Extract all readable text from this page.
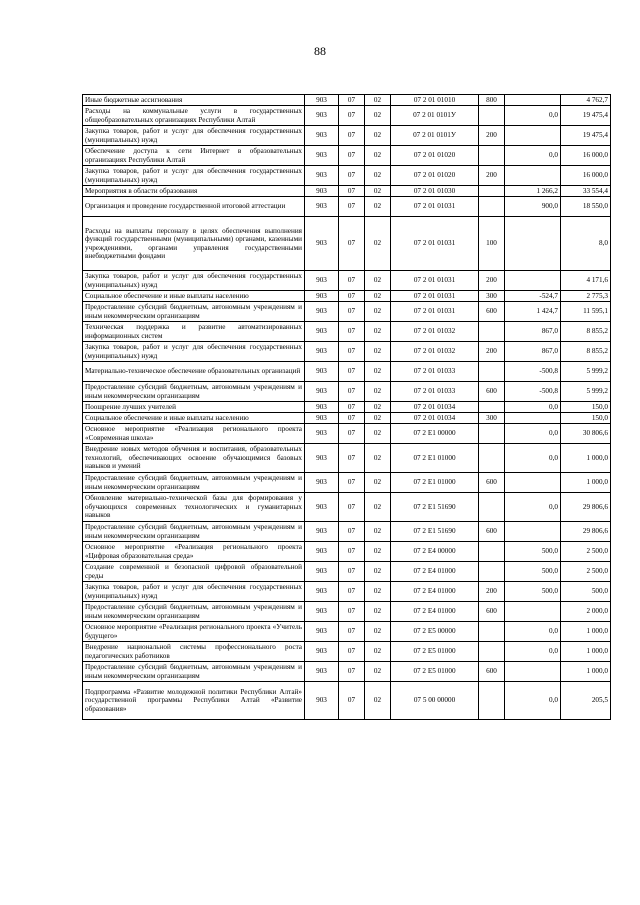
88
Иные бюджетные ассигнования	903	07	02	07 2 01 01010	800		4 762,7
Расходы на коммунальные услуги в государственных общеобразовательных организациях Республики Алтай	903	07	02	07 2 01 0101У		0,0	19 475,4
Закупка товаров, работ и услуг для обеспечения государственных (муниципальных) нужд	903	07	02	07 2 01 0101У	200		19 475,4
Обеспечение доступа к сети Интернет в образовательных организациях Республики Алтай	903	07	02	07 2 01 01020		0,0	16 000,0
Закупка товаров, работ и услуг для обеспечения государственных (муниципальных) нужд	903	07	02	07 2 01 01020	200		16 000,0
Мероприятия в области образования	903	07	02	07 2 01 01030		1 266,2	33 554,4
Организация и проведение государственной итоговой аттестации	903	07	02	07 2 01 01031		900,0	18 550,0
Расходы на выплаты персоналу в целях обеспечения выполнения функций государственными (муниципальными) органами, казенными учреждениями, органами управления государственными внебюджетными фондами	903	07	02	07 2 01 01031	100		8,0
Закупка товаров, работ и услуг для обеспечения государственных (муниципальных) нужд	903	07	02	07 2 01 01031	200		4 171,6
Социальное обеспечение и иные выплаты населению	903	07	02	07 2 01 01031	300	-524,7	2 775,3
Предоставление субсидий бюджетным, автономным учреждениям и иным некоммерческим организациям	903	07	02	07 2 01 01031	600	1 424,7	11 595,1
Техническая поддержка и развитие автоматизированных информационных систем	903	07	02	07 2 01 01032		867,0	8 855,2
Закупка товаров, работ и услуг для обеспечения государственных (муниципальных) нужд	903	07	02	07 2 01 01032	200	867,0	8 855,2
Материально-техническое обеспечение образовательных организаций	903	07	02	07 2 01 01033		-500,8	5 999,2
Предоставление субсидий бюджетным, автономным учреждениям и иным некоммерческим организациям	903	07	02	07 2 01 01033	600	-500,8	5 999,2
Поощрение лучших учителей	903	07	02	07 2 01 01034		0,0	150,0
Социальное обеспечение и иные выплаты населению	903	07	02	07 2 01 01034	300		150,0
Основное мероприятие «Реализация регионального проекта «Современная школа»	903	07	02	07 2 E1 00000		0,0	30 806,6
Внедрение новых методов обучения и воспитания, образовательных технологий, обеспечивающих освоение обучающимися базовых навыков и умений	903	07	02	07 2 E1 01000		0,0	1 000,0
Предоставление субсидий бюджетным, автономным учреждениям и иным некоммерческим организациям	903	07	02	07 2 E1 01000	600		1 000,0
Обновление материально-технической базы для формирования у обучающихся современных технологических и гуманитарных навыков	903	07	02	07 2 E1 51690		0,0	29 806,6
Предоставление субсидий бюджетным, автономным учреждениям и иным некоммерческим организациям	903	07	02	07 2 E1 51690	600		29 806,6
Основное мероприятие «Реализация регионального проекта «Цифровая образовательная среда»	903	07	02	07 2 E4 00000		500,0	2 500,0
Создание современной и безопасной цифровой образовательной среды	903	07	02	07 2 E4 01000		500,0	2 500,0
Закупка товаров, работ и услуг для обеспечения государственных (муниципальных) нужд	903	07	02	07 2 E4 01000	200	500,0	500,0
Предоставление субсидий бюджетным, автономным учреждениям и иным некоммерческим организациям	903	07	02	07 2 E4 01000	600		2 000,0
Основное мероприятие «Реализация регионального проекта «Учитель будущего»	903	07	02	07 2 E5 00000		0,0	1 000,0
Внедрение национальной системы профессионального роста педагогических работников	903	07	02	07 2 E5 01000		0,0	1 000,0
Предоставление субсидий бюджетным, автономным учреждениям и иным некоммерческим организациям	903	07	02	07 2 E5 01000	600		1 000,0
Подпрограмма «Развитие молодежной политики Республики Алтай» государственной программы Республики Алтай «Развитие образования»	903	07	02	07 5 00 00000		0,0	205,5
